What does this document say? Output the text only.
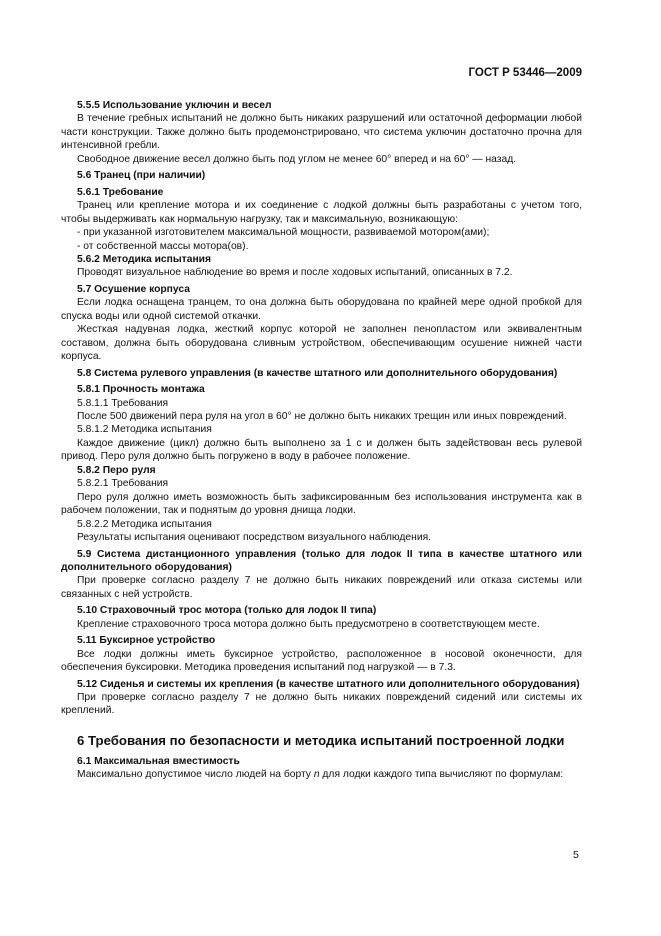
ГОСТ Р 53446—2009

5.5.5 Использование уключин и весел

В течение гребных испытаний не должно быть никаких разрушений или остаточной деформации любой части конструкции. Также должно быть продемонстрировано, что система уключин достаточно прочна для интенсивной гребли.

Свободное движение весел должно быть под углом не менее 60° вперед и на 60° — назад.

5.6 Транец (при наличии)

5.6.1 Требование

Транец или крепление мотора и их соединение с лодкой должны быть разработаны с учетом того, чтобы выдерживать как нормальную нагрузку, так и максимальную, возникающую:

- при указанной изготовителем максимальной мощности, развиваемой мотором(ами);

- от собственной массы мотора(ов).

5.6.2 Методика испытания

Проводят визуальное наблюдение во время и после ходовых испытаний, описанных в 7.2.

5.7 Осушение корпуса

Если лодка оснащена транцем, то она должна быть оборудована по крайней мере одной пробкой для спуска воды или одной системой откачки.

Жесткая надувная лодка, жесткий корпус которой не заполнен пенопластом или эквивалентным составом, должна быть оборудована сливным устройством, обеспечивающим осушение нижней части корпуса.

5.8 Система рулевого управления (в качестве штатного или дополнительного оборудования)

5.8.1 Прочность монтажа

5.8.1.1 Требования

После 500 движений пера руля на угол в 60° не должно быть никаких трещин или иных повреждений.

5.8.1.2 Методика испытания

Каждое движение (цикл) должно быть выполнено за 1 с и должен быть задействован весь рулевой привод. Перо руля должно быть погружено в воду в рабочее положение.

5.8.2 Перо руля

5.8.2.1 Требования

Перо руля должно иметь возможность быть зафиксированным без использования инструмента как в рабочем положении, так и поднятым до уровня днища лодки.

5.8.2.2 Методика испытания

Результаты испытания оценивают посредством визуального наблюдения.

5.9 Система дистанционного управления (только для лодок II типа в качестве штатного или дополнительного оборудования)

При проверке согласно разделу 7 не должно быть никаких повреждений или отказа системы или связанных с ней устройств.

5.10 Страховочный трос мотора (только для лодок II типа)

Крепление страховочного троса мотора должно быть предусмотрено в соответствующем месте.

5.11 Буксирное устройство

Все лодки должны иметь буксирное устройство, расположенное в носовой оконечности, для обеспечения буксировки. Методика проведения испытаний под нагрузкой — в 7.3.

5.12 Сиденья и системы их крепления (в качестве штатного или дополнительного оборудования)

При проверке согласно разделу 7 не должно быть никаких повреждений сидений или системы их креплений.

6 Требования по безопасности и методика испытаний построенной лодки

6.1 Максимальная вместимость

Максимально допустимое число людей на борту n для лодки каждого типа вычисляют по формулам:

5
